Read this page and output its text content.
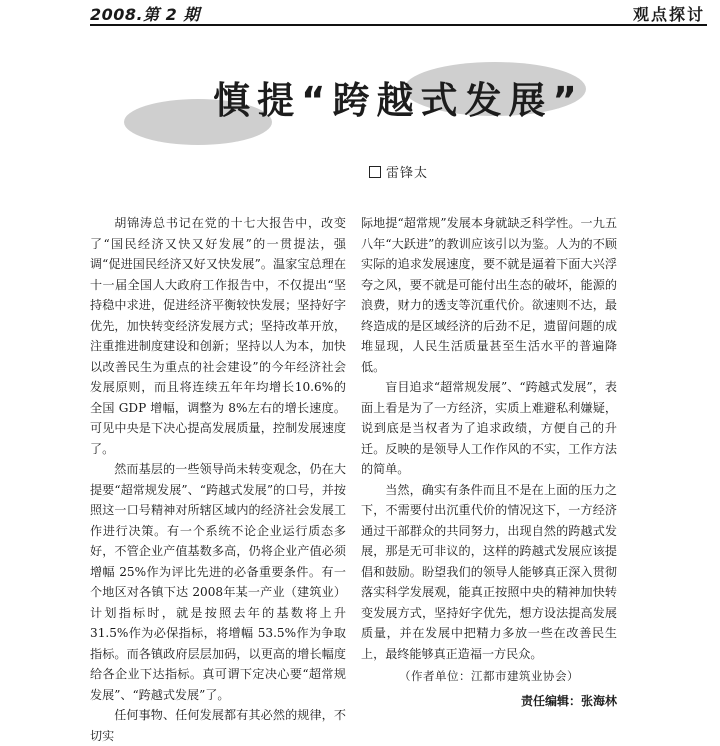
2008.第 2 期	观点探讨
慎提“跨越式发展”
雷锋太

胡锦涛总书记在党的十七大报告中，改变了“国民经济又快又好发展”的一贯提法，强调“促进国民经济又好又快发展”。温家宝总理在十一届全国人大政府工作报告中，不仅提出“坚持稳中求进，促进经济平衡较快发展；坚持好字优先，加快转变经济发展方式；坚持改革开放，注重推进制度建设和创新；坚持以人为本，加快以改善民生为重点的社会建设”的今年经济社会发展原则，而且将连续五年年均增长10.6%的全国 GDP 增幅，调整为 8%左右的增长速度。可见中央是下决心提高发展质量，控制发展速度了。

然而基层的一些领导尚未转变观念，仍在大提要“超常规发展”、“跨越式发展”的口号，并按照这一口号精神对所辖区域内的经济社会发展工作进行决策。有一个系统不论企业运行质态多好，不管企业产值基数多高，仍将企业产值必须增幅 25%作为评比先进的必备重要条件。有一个地区对各镇下达 2008年某一产业（建筑业）计划指标时，就是按照去年的基数将上升 31.5%作为必保指标，将增幅 53.5%作为争取指标。而各镇政府层层加码，以更高的增长幅度给各企业下达指标。真可谓下定决心要“超常规发展”、“跨越式发展”了。

任何事物、任何发展都有其必然的规律，不切实

际地提“超常规”发展本身就缺乏科学性。一九五八年“大跃进”的教训应该引以为鉴。人为的不顾实际的追求发展速度，要不就是逼着下面大兴浮夸之风，要不就是可能付出生态的破坏，能源的浪费，财力的透支等沉重代价。欲速则不达，最终造成的是区域经济的后劲不足，遗留问题的成堆显现，人民生活质量甚至生活水平的普遍降低。

盲目追求“超常规发展”、“跨越式发展”，表面上看是为了一方经济，实质上难避私利嫌疑，说到底是当权者为了追求政绩，方便自己的升迁。反映的是领导人工作作风的不实，工作方法的简单。

当然，确实有条件而且不是在上面的压力之下，不需要付出沉重代价的情况这下，一方经济通过干部群众的共同努力，出现自然的跨越式发展，那是无可非议的，这样的跨越式发展应该提倡和鼓励。盼望我们的领导人能够真正深入贯彻落实科学发展观，能真正按照中央的精神加快转变发展方式，坚持好字优先，想方设法提高发展质量，并在发展中把精力多放一些在改善民生上，最终能够真正造福一方民众。

（作者单位：江都市建筑业协会）
责任编辑：张海林
